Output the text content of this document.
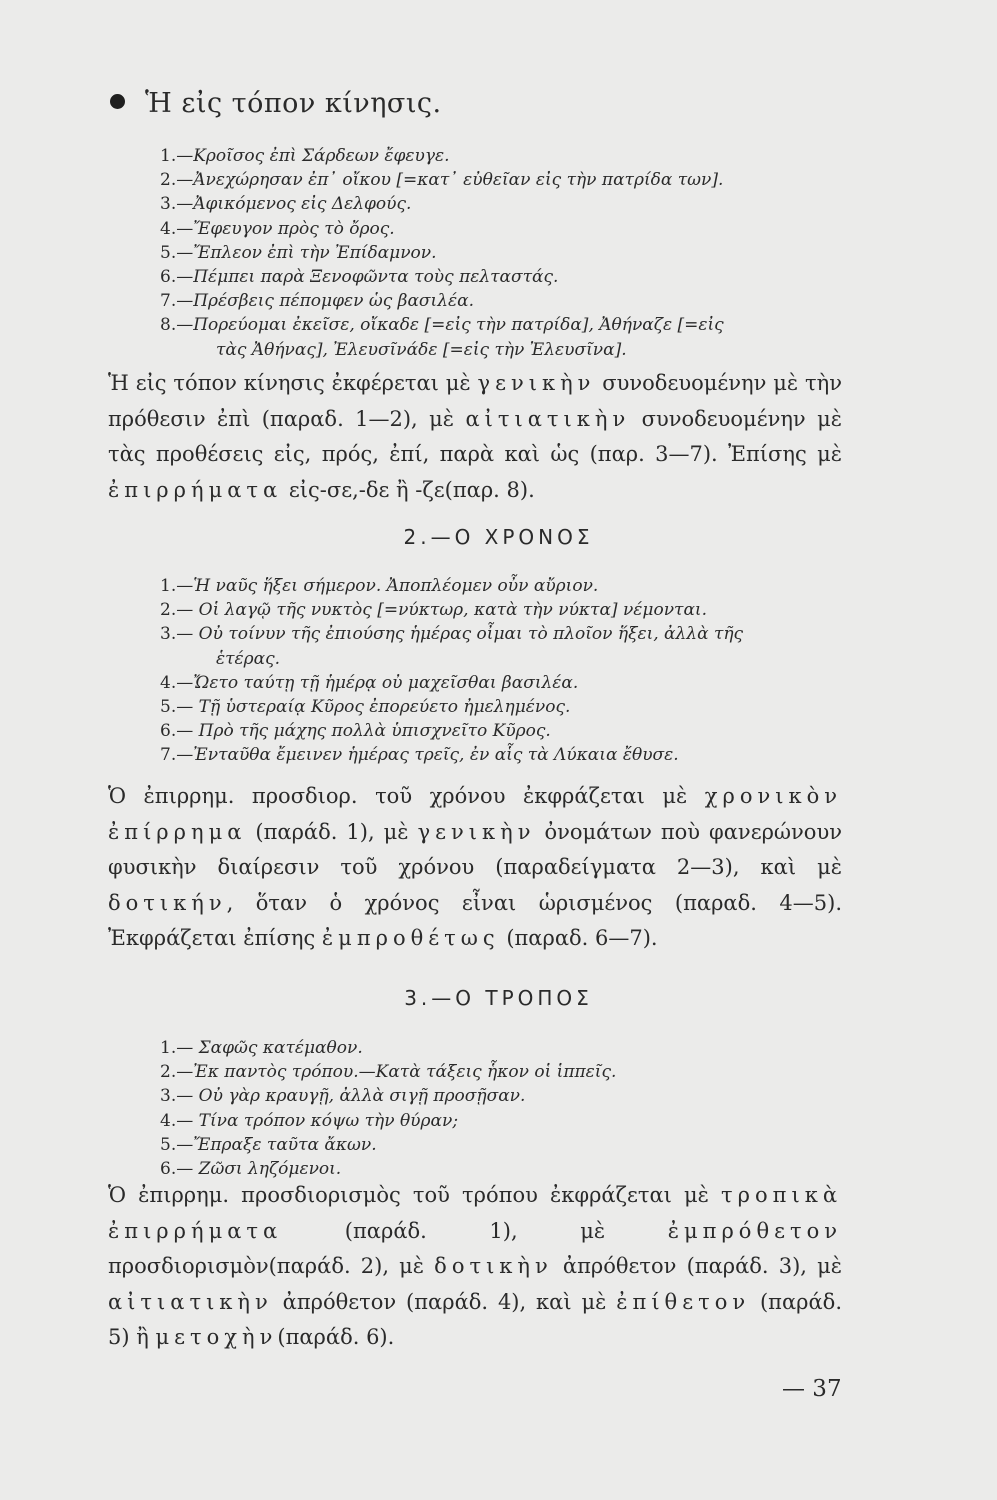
Ἡ εἰς τόπον κίνησις.
1.—Κροῖσος ἐπὶ Σάρδεων ἔφευγε.
2.—Ἀνεχώρησαν ἐπ᾽ οἴκου [=κατ᾽ εὐθεῖαν εἰς τὴν πατρίδα των].
3.—Ἀφικόμενος εἰς Δελφούς.
4.—Ἔφευγον πρὸς τὸ ὄρος.
5.—Ἔπλεον ἐπὶ τὴν Ἐπίδαμνον.
6.—Πέμπει παρὰ Ξενοφῶντα τοὺς πελταστάς.
7.—Πρέσβεις πέπομφεν ὡς βασιλέα.
8.—Πορεύομαι ἐκεῖσε, οἴκαδε [=εἰς τὴν πατρίδα], Ἀθήναζε [=εἰς
τὰς Ἀθήνας], Ἐλευσῖνάδε [=εἰς τὴν Ἐλευσῖνα].

Ἡ εἰς τόπον κίνησις ἐκφέρεται μὲ γενικὴν συνοδευομένην μὲ τὴν πρόθεσιν ἐπὶ (παραδ. 1—2), μὲ αἰτιατικὴν συνοδευομένην μὲ τὰς προθέσεις εἰς, πρός, ἐπί, παρὰ καὶ ὡς (παρ. 3—7). Ἐπίσης μὲ ἐπιρρήματα εἰς-σε,-δε ἢ -ζε(παρ. 8).

2.—Ο ΧΡΟΝΟΣ
1.—Ἡ ναῦς ἥξει σήμερον. Ἀποπλέομεν οὖν αὔριον.
2.— Οἱ λαγῷ τῆς νυκτὸς [=νύκτωρ, κατὰ τὴν νύκτα] νέμονται.
3.— Οὐ τοίνυν τῆς ἐπιούσης ἡμέρας οἶμαι τὸ πλοῖον ἥξει, ἀλλὰ τῆς
ἑτέρας.
4.—Ὤετο ταύτῃ τῇ ἡμέρᾳ οὐ μαχεῖσθαι βασιλέα.
5.— Τῇ ὑστεραίᾳ Κῦρος ἐπορεύετο ἠμελημένος.
6.— Πρὸ τῆς μάχης πολλὰ ὑπισχνεῖτο Κῦρος.
7.—Ἐνταῦθα ἔμεινεν ἡμέρας τρεῖς, ἐν αἷς τὰ Λύκαια ἔθυσε.

Ὁ ἐπιρρημ. προσδιορ. τοῦ χρόνου ἐκφράζεται μὲ χρονικὸν ἐπίρρημα (παράδ. 1), μὲ γενικὴν ὀνομάτων ποὺ φανερώνουν φυσικὴν διαίρεσιν τοῦ χρόνου (παραδείγματα 2—3), καὶ μὲ δοτικήν, ὅταν ὁ χρόνος εἶναι ὡρισμένος (παραδ. 4—5). Ἐκφράζεται ἐπίσης ἐμπροθέτως (παραδ. 6—7).

3.—Ο ΤΡΟΠΟΣ
1.— Σαφῶς κατέμαθον.
2.—Ἐκ παντὸς τρόπου.—Κατὰ τάξεις ἧκον οἱ ἱππεῖς.
3.— Οὐ γὰρ κραυγῇ, ἀλλὰ σιγῇ προσῇσαν.
4.— Τίνα τρόπον κόψω τὴν θύραν;
5.—Ἔπραξε ταῦτα ἄκων.
6.— Ζῶσι ληζόμενοι.

Ὁ ἐπιρρημ. προσδιορισμὸς τοῦ τρόπου ἐκφράζεται μὲ τροπικὰ ἐπιρρήματα (παράδ. 1), μὲ ἐμπρόθετον προσδιορισμὸν(παράδ. 2), μὲ δοτικὴν ἀπρόθετον (παράδ. 3), μὲ αἰτιατικὴν ἀπρόθετον (παράδ. 4), καὶ μὲ ἐπίθετον (παράδ. 5) ἢ μετοχὴν(παράδ. 6).

— 37
